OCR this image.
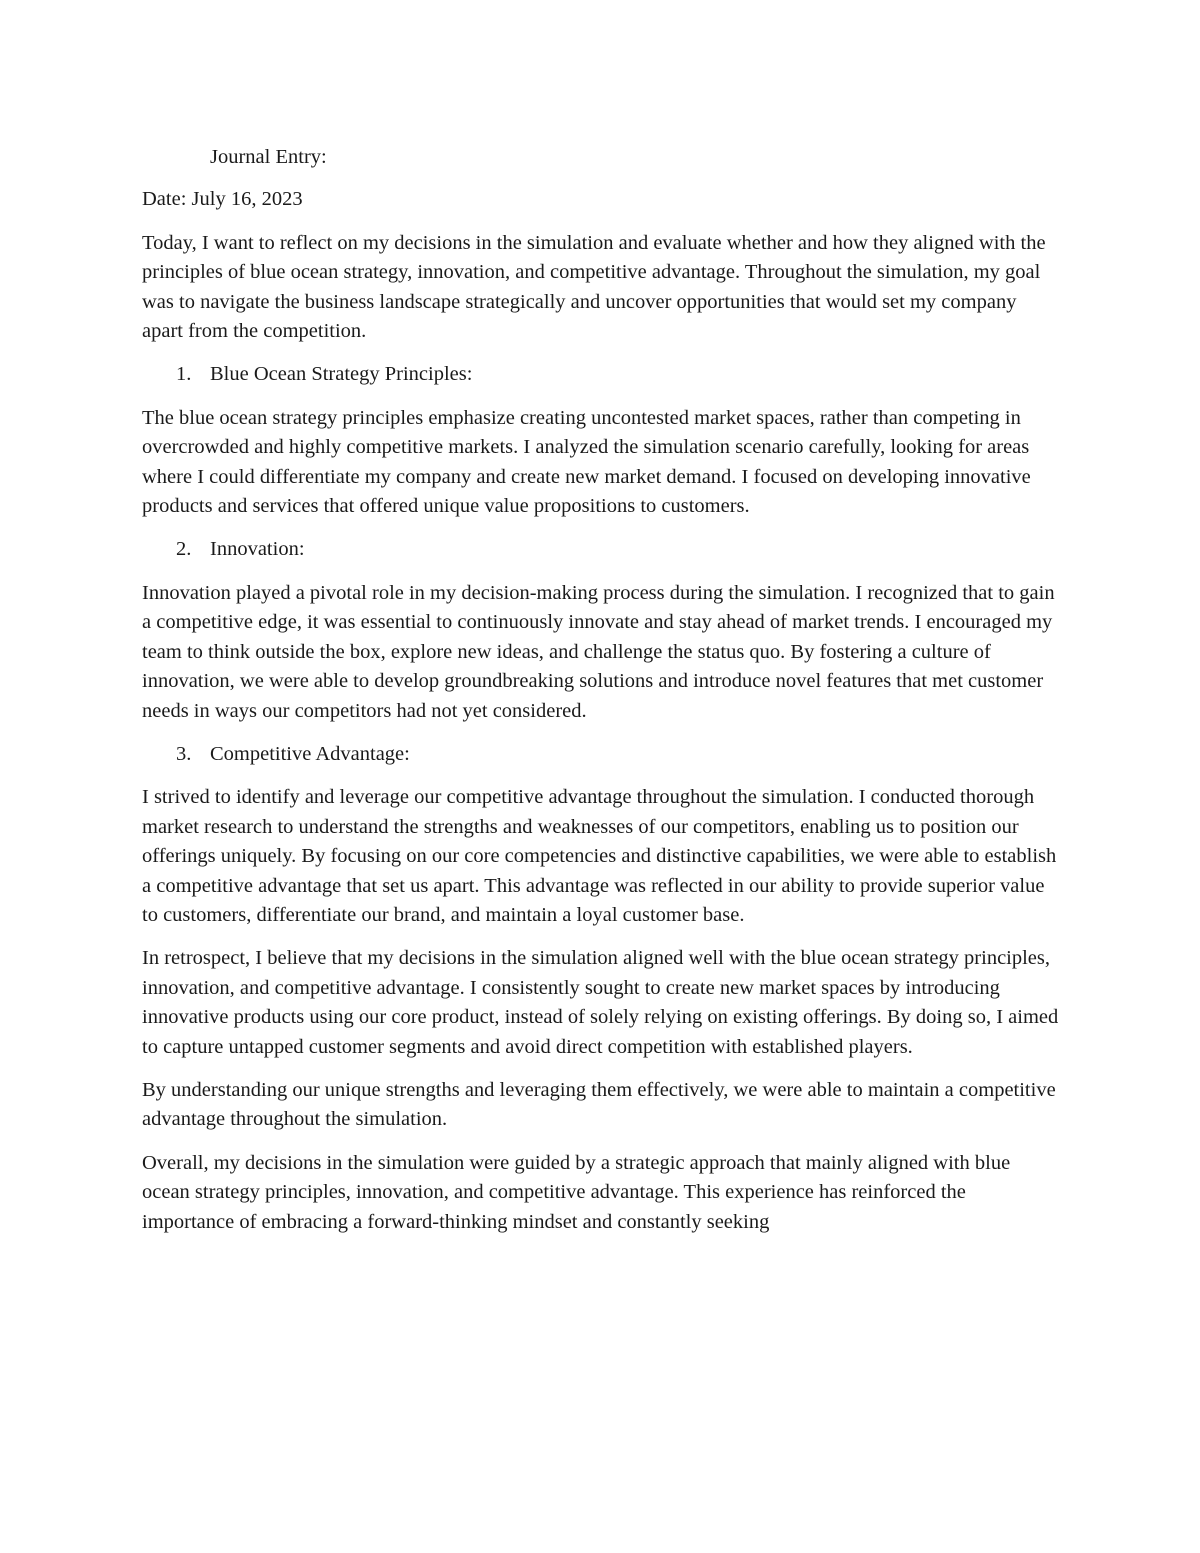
Journal Entry:

Date: July 16, 2023

Today, I want to reflect on my decisions in the simulation and evaluate whether and how they aligned with the principles of blue ocean strategy, innovation, and competitive advantage. Throughout the simulation, my goal was to navigate the business landscape strategically and uncover opportunities that would set my company apart from the competition.

1. Blue Ocean Strategy Principles:

The blue ocean strategy principles emphasize creating uncontested market spaces, rather than competing in overcrowded and highly competitive markets. I analyzed the simulation scenario carefully, looking for areas where I could differentiate my company and create new market demand. I focused on developing innovative products and services that offered unique value propositions to customers.

2. Innovation:

Innovation played a pivotal role in my decision-making process during the simulation. I recognized that to gain a competitive edge, it was essential to continuously innovate and stay ahead of market trends. I encouraged my team to think outside the box, explore new ideas, and challenge the status quo. By fostering a culture of innovation, we were able to develop groundbreaking solutions and introduce novel features that met customer needs in ways our competitors had not yet considered.

3. Competitive Advantage:

I strived to identify and leverage our competitive advantage throughout the simulation. I conducted thorough market research to understand the strengths and weaknesses of our competitors, enabling us to position our offerings uniquely. By focusing on our core competencies and distinctive capabilities, we were able to establish a competitive advantage that set us apart. This advantage was reflected in our ability to provide superior value to customers, differentiate our brand, and maintain a loyal customer base.

In retrospect, I believe that my decisions in the simulation aligned well with the blue ocean strategy principles, innovation, and competitive advantage. I consistently sought to create new market spaces by introducing innovative products using our core product, instead of solely relying on existing offerings. By doing so, I aimed to capture untapped customer segments and avoid direct competition with established players.

By understanding our unique strengths and leveraging them effectively, we were able to maintain a competitive advantage throughout the simulation.

Overall, my decisions in the simulation were guided by a strategic approach that mainly aligned with blue ocean strategy principles, innovation, and competitive advantage. This experience has reinforced the importance of embracing a forward-thinking mindset and constantly seeking
